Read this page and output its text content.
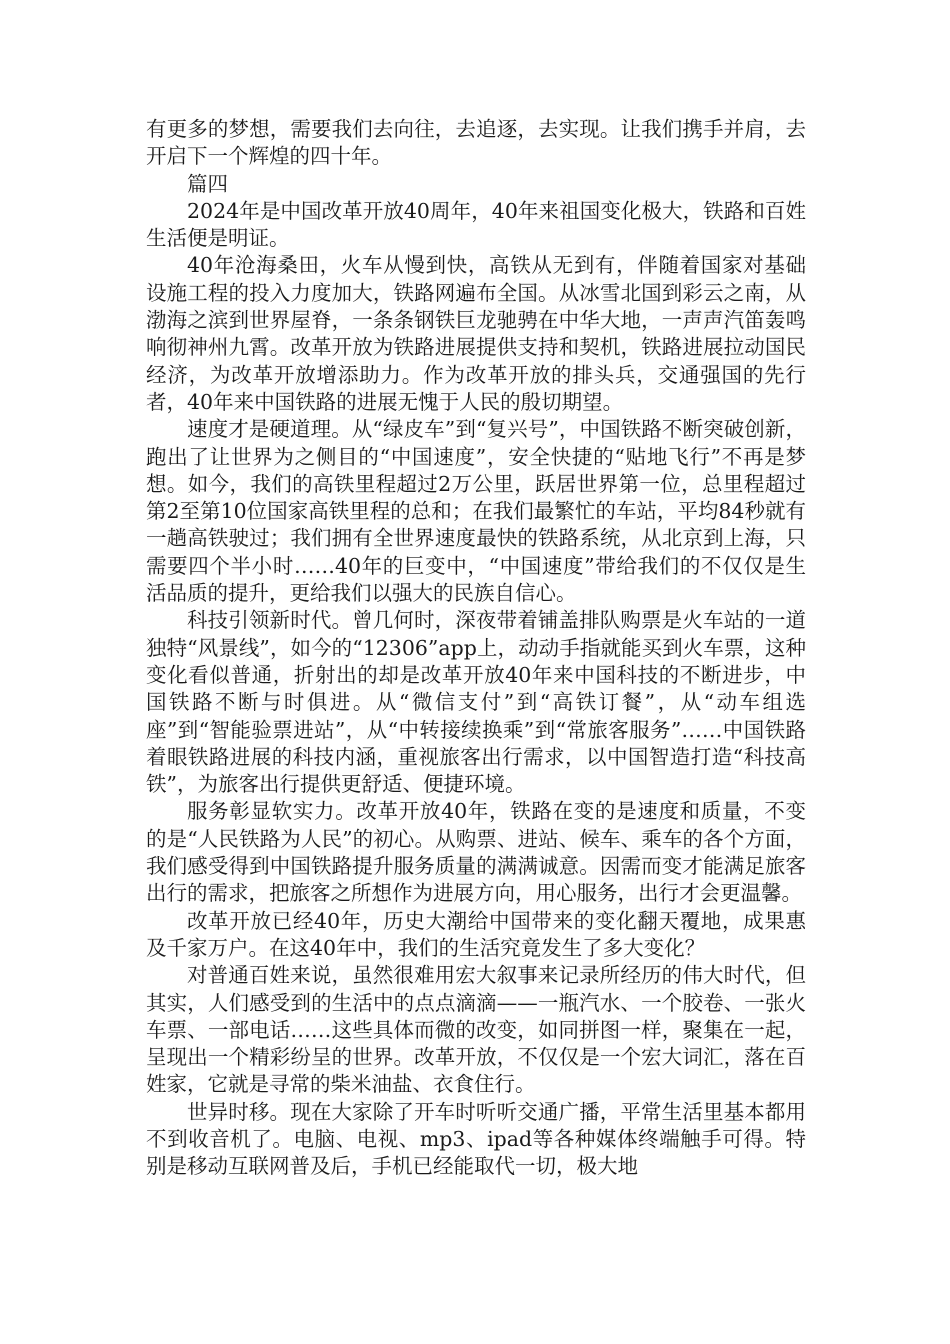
有更多的梦想，需要我们去向往，去追逐，去实现。让我们携手并肩，去开启下一个辉煌的四十年。

篇四

2024年是中国改革开放40周年，40年来祖国变化极大，铁路和百姓生活便是明证。

40年沧海桑田，火车从慢到快，高铁从无到有，伴随着国家对基础设施工程的投入力度加大，铁路网遍布全国。从冰雪北国到彩云之南，从渤海之滨到世界屋脊，一条条钢铁巨龙驰骋在中华大地，一声声汽笛轰鸣响彻神州九霄。改革开放为铁路进展提供支持和契机，铁路进展拉动国民经济，为改革开放增添助力。作为改革开放的排头兵，交通强国的先行者，40年来中国铁路的进展无愧于人民的殷切期望。

速度才是硬道理。从“绿皮车”到“复兴号”，中国铁路不断突破创新，跑出了让世界为之侧目的“中国速度”，安全快捷的“贴地飞行”不再是梦想。如今，我们的高铁里程超过2万公里，跃居世界第一位，总里程超过第2至第10位国家高铁里程的总和；在我们最繁忙的车站，平均84秒就有一趟高铁驶过；我们拥有全世界速度最快的铁路系统，从北京到上海，只需要四个半小时……40年的巨变中，“中国速度”带给我们的不仅仅是生活品质的提升，更给我们以强大的民族自信心。

科技引领新时代。曾几何时，深夜带着铺盖排队购票是火车站的一道独特“风景线”，如今的“12306”app上，动动手指就能买到火车票，这种变化看似普通，折射出的却是改革开放40年来中国科技的不断进步，中国铁路不断与时俱进。从“微信支付”到“高铁订餐”，从“动车组选座”到“智能验票进站”，从“中转接续换乘”到“常旅客服务”……中国铁路着眼铁路进展的科技内涵，重视旅客出行需求，以中国智造打造“科技高铁”，为旅客出行提供更舒适、便捷环境。

服务彰显软实力。改革开放40年，铁路在变的是速度和质量，不变的是“人民铁路为人民”的初心。从购票、进站、候车、乘车的各个方面，我们感受得到中国铁路提升服务质量的满满诚意。因需而变才能满足旅客出行的需求，把旅客之所想作为进展方向，用心服务，出行才会更温馨。

改革开放已经40年，历史大潮给中国带来的变化翻天覆地，成果惠及千家万户。在这40年中，我们的生活究竟发生了多大变化？

对普通百姓来说，虽然很难用宏大叙事来记录所经历的伟大时代，但其实，人们感受到的生活中的点点滴滴——一瓶汽水、一个胶卷、一张火车票、一部电话……这些具体而微的改变，如同拼图一样，聚集在一起，呈现出一个精彩纷呈的世界。改革开放，不仅仅是一个宏大词汇，落在百姓家，它就是寻常的柴米油盐、衣食住行。

世异时移。现在大家除了开车时听听交通广播，平常生活里基本都用不到收音机了。电脑、电视、mp3、ipad等各种媒体终端触手可得。特别是移动互联网普及后，手机已经能取代一切，极大地
